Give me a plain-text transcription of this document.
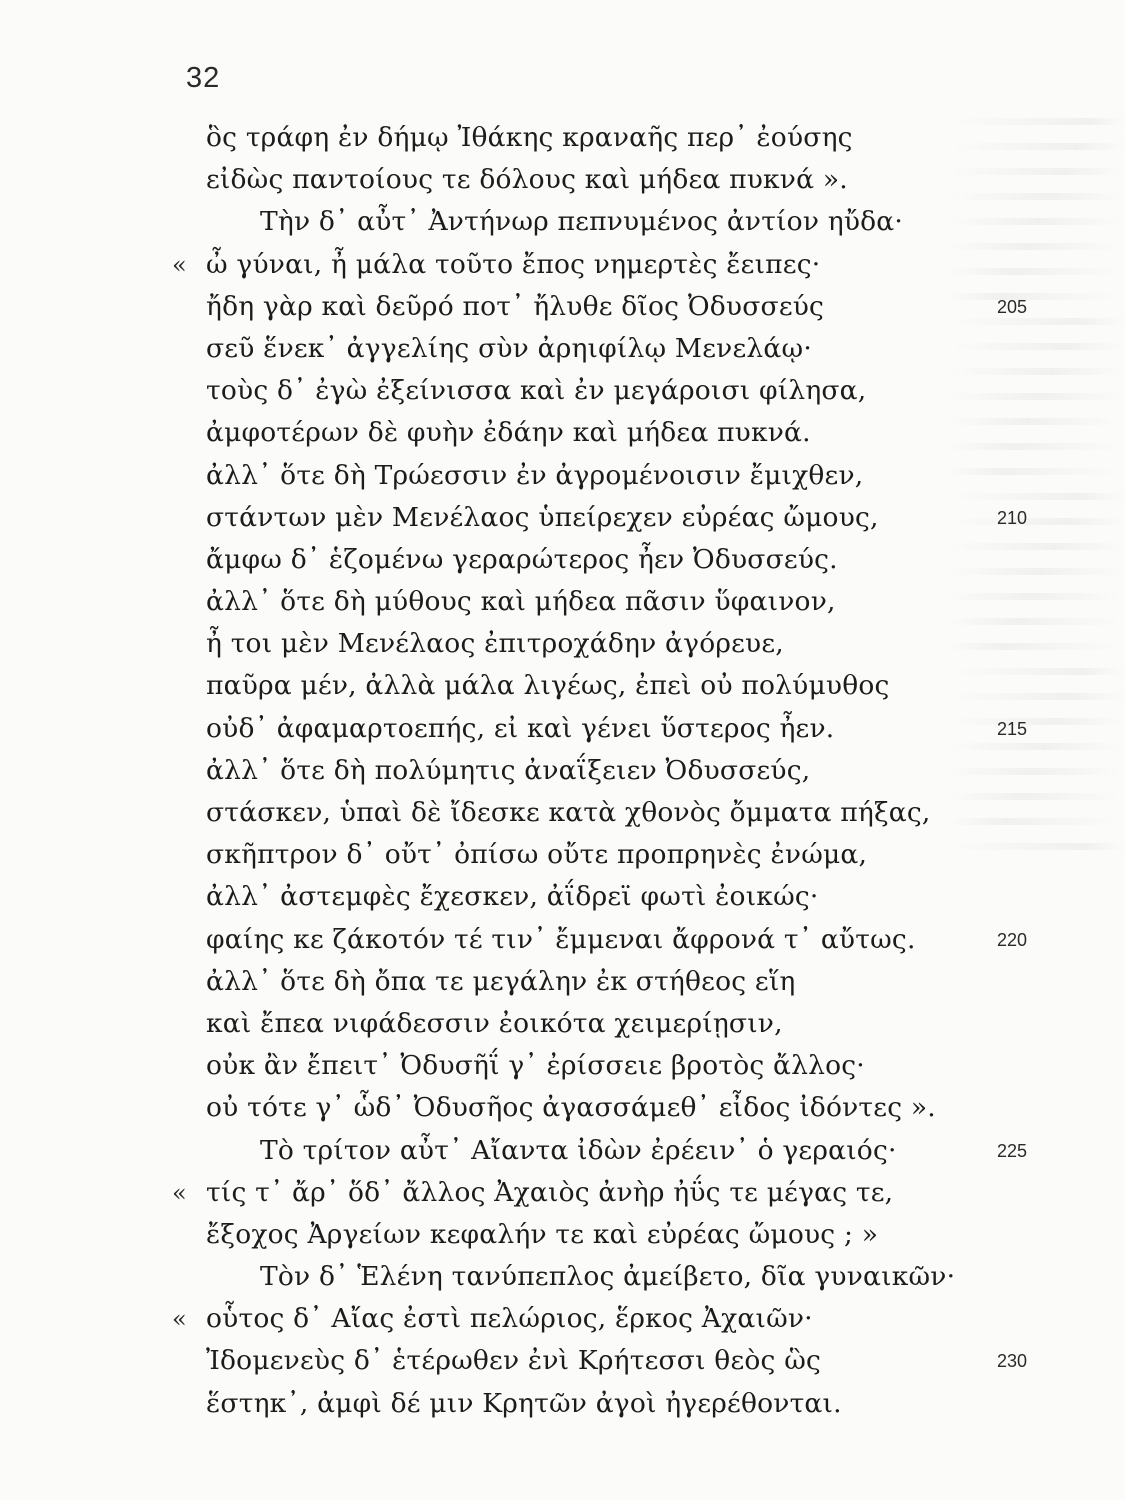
32

ὃς τράφη ἐν δήμῳ Ἰθάκης κραναῆς περ᾽ ἐούσης
εἰδὼς παντοίους τε δόλους καὶ μήδεα πυκνά ».
Τὴν δ᾽ αὖτ᾽ Ἀντήνωρ πεπνυμένος ἀντίον ηὔδα·
« ὦ γύναι, ἦ μάλα τοῦτο ἔπος νημερτὲς ἔειπες·
ἤδη γὰρ καὶ δεῦρό ποτ᾽ ἤλυθε δῖος Ὀδυσσεύς	205
σεῦ ἕνεκ᾽ ἀγγελίης σὺν ἀρηιφίλῳ Μενελάῳ·
τοὺς δ᾽ ἐγὼ ἐξείνισσα καὶ ἐν μεγάροισι φίλησα,
ἀμφοτέρων δὲ φυὴν ἐδάην καὶ μήδεα πυκνά.
ἀλλ᾽ ὅτε δὴ Τρώεσσιν ἐν ἀγρομένοισιν ἔμιχθεν,
στάντων μὲν Μενέλαος ὑπείρεχεν εὐρέας ὤμους,	210
ἄμφω δ᾽ ἑζομένω γεραρώτερος ἦεν Ὀδυσσεύς.
ἀλλ᾽ ὅτε δὴ μύθους καὶ μήδεα πᾶσιν ὕφαινον,
ἦ τοι μὲν Μενέλαος ἐπιτροχάδην ἀγόρευε,
παῦρα μέν, ἀλλὰ μάλα λιγέως, ἐπεὶ οὐ πολύμυθος
οὐδ᾽ ἀφαμαρτοεπής, εἰ καὶ γένει ὕστερος ἦεν.	215
ἀλλ᾽ ὅτε δὴ πολύμητις ἀναΐξειεν Ὀδυσσεύς,
στάσκεν, ὑπαὶ δὲ ἴδεσκε κατὰ χθονὸς ὄμματα πήξας,
σκῆπτρον δ᾽ οὔτ᾽ ὀπίσω οὔτε προπρηνὲς ἐνώμα,
ἀλλ᾽ ἀστεμφὲς ἔχεσκεν, ἀΐδρεϊ φωτὶ ἐοικώς·
φαίης κε ζάκοτόν τέ τιν᾽ ἔμμεναι ἄφρονά τ᾽ αὔτως.	220
ἀλλ᾽ ὅτε δὴ ὄπα τε μεγάλην ἐκ στήθεος εἵη
καὶ ἔπεα νιφάδεσσιν ἐοικότα χειμερίῃσιν,
οὐκ ἂν ἔπειτ᾽ Ὀδυσῆΐ γ᾽ ἐρίσσειε βροτὸς ἄλλος·
οὐ τότε γ᾽ ὧδ᾽ Ὀδυσῆος ἀγασσάμεθ᾽ εἶδος ἰδόντες ».
Τὸ τρίτον αὖτ᾽ Αἴαντα ἰδὼν ἐρέειν᾽ ὁ γεραιός·	225
« τίς τ᾽ ἄρ᾽ ὅδ᾽ ἄλλος Ἀχαιὸς ἀνὴρ ἠΰς τε μέγας τε,
ἔξοχος Ἀργείων κεφαλήν τε καὶ εὐρέας ὤμους ; »
Τὸν δ᾽ Ἑλένη τανύπεπλος ἀμείβετο, δῖα γυναικῶν·
« οὗτος δ᾽ Αἴας ἐστὶ πελώριος, ἕρκος Ἀχαιῶν·
Ἰδομενεὺς δ᾽ ἑτέρωθεν ἐνὶ Κρήτεσσι θεὸς ὣς	230
ἕστηκ᾽, ἀμφὶ δέ μιν Κρητῶν ἀγοὶ ἠγερέθονται.
